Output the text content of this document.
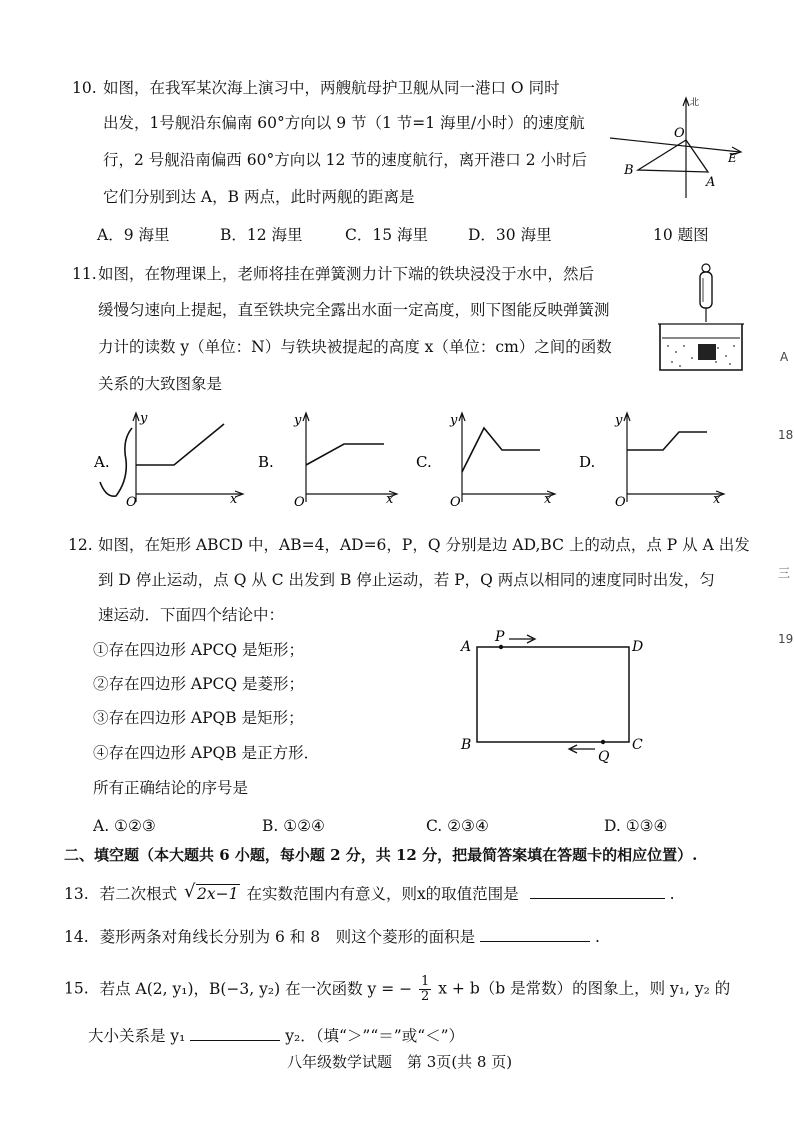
10. 如图，在我军某次海上演习中，两艘航母护卫舰从同一港口 O 同时
出发，1号舰沿东偏南 60°方向以 9 节（1 节=1 海里/小时）的速度航
行，2 号舰沿南偏西 60°方向以 12 节的速度航行，离开港口 2 小时后
它们分别到达 A，B 两点，此时两舰的距离是
A．9 海里	B．12 海里	C．15 海里	D．30 海里	10 题图
北
O
E
A
B
11. 如图，在物理课上，老师将挂在弹簧测力计下端的铁块浸没于水中，然后
缓慢匀速向上提起，直至铁块完全露出水面一定高度，则下图能反映弹簧测
力计的读数 y（单位：N）与铁块被提起的高度 x（单位：cm）之间的函数
关系的大致图象是
A.
y
x
O
B.
y
x
O
C.
y
x
O
D.
y
x
O
12. 如图，在矩形 ABCD 中，AB=4，AD=6，P，Q 分别是边 AD,BC 上的动点，点 P 从 A 出发
到 D 停止运动，点 Q 从 C 出发到 B 停止运动，若 P，Q 两点以相同的速度同时出发，匀
速运动．下面四个结论中：
①存在四边形 APCQ 是矩形；
②存在四边形 APCQ 是菱形；
③存在四边形 APQB 是矩形；
④存在四边形 APQB 是正方形．
所有正确结论的序号是
A. ①②③	B. ①②④	C. ②③④	D. ①③④
A
P
D
B	C
Q
二、填空题（本大题共 6 小题，每小题 2 分，共 12 分，把最简答案填在答题卡的相应位置）.
13. 若二次根式 √ 2x−1 在实数范围内有意义，则x的取值范围是	.
14. 菱形两条对角线长分别为 6 和 8　则这个菱形的面积是	.
15. 若点 A(2, y₁)，B(−3, y₂) 在一次函数 y = − $\frac{1}{2}$ x + b（b 是常数）的图象上，则 y₁, y₂ 的
大小关系是 y₁	y₂．（填“＞”“＝”或“＜”）
八年级数学试题　第 3页(共 8 页)
A
18
三
19
